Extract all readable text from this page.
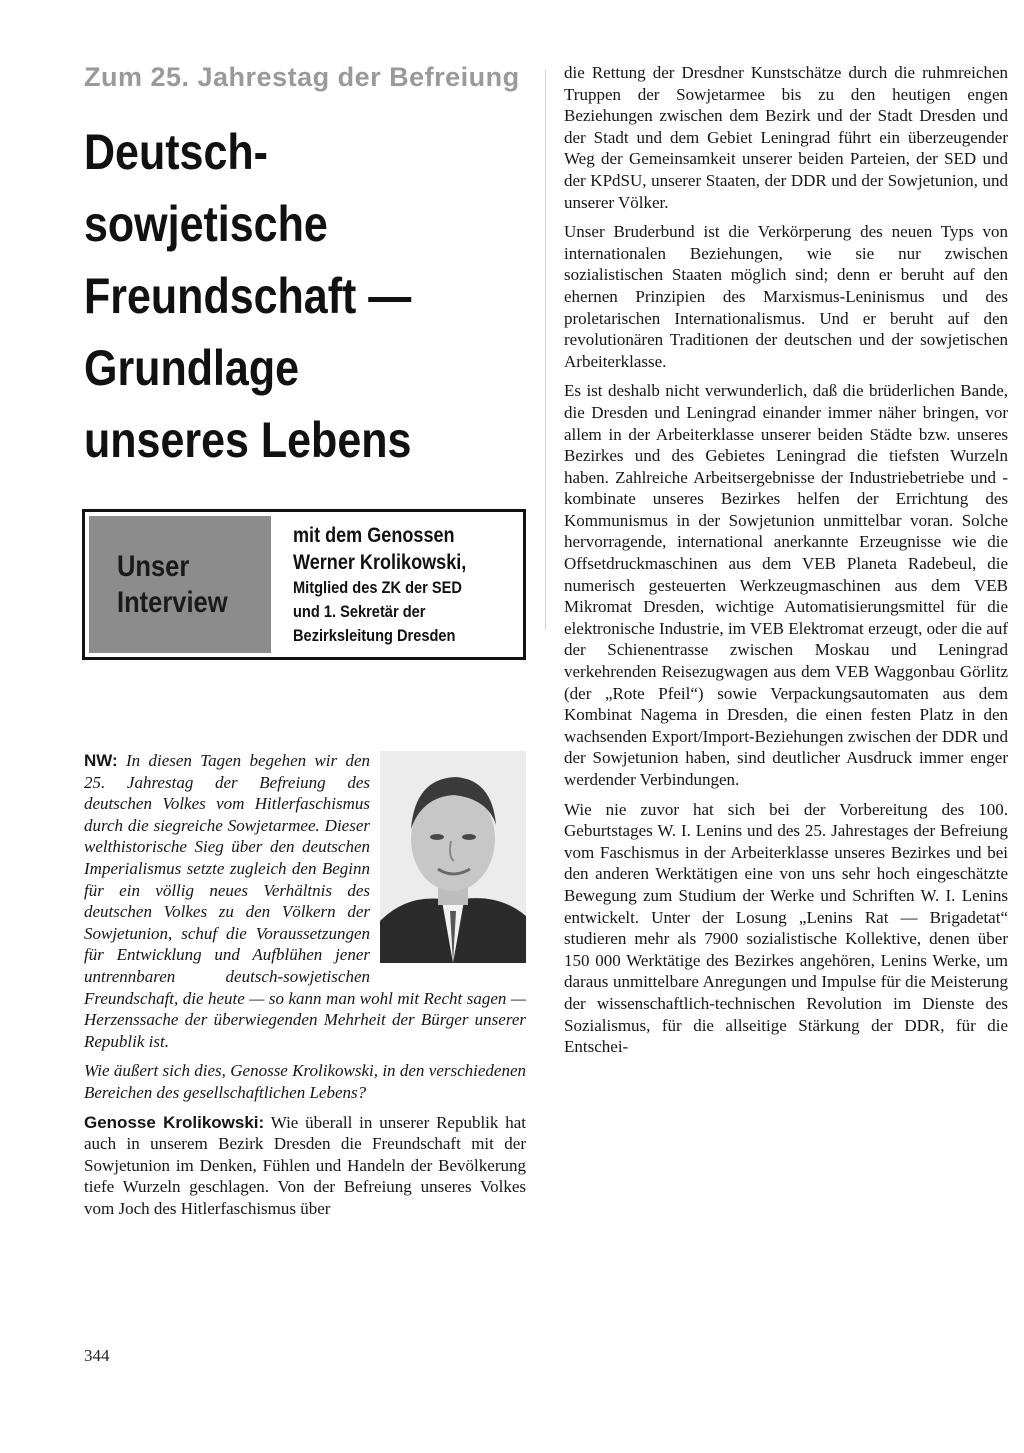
Zum 25. Jahrestag der Befreiung
Deutsch-
sowjetische
Freundschaft —
Grundlage
unseres Lebens
Unser
Interview
mit dem Genossen
Werner Krolikowski,
Mitglied des ZK der SED
und 1. Sekretär der
Bezirksleitung Dresden

NW: In diesen Tagen begehen wir den 25. Jahrestag der Befreiung des deutschen Volkes vom Hitlerfaschismus durch die siegreiche Sowjetarmee. Dieser welthistorische Sieg über den deutschen Imperialismus setzte zugleich den Beginn für ein völlig neues Verhältnis des deutschen Volkes zu den Völkern der Sowjetunion, schuf die Voraussetzungen für Entwicklung und Aufblühen jener untrennbaren deutsch-sowjetischen Freundschaft, die heute — so kann man wohl mit Recht sagen — Herzenssache der überwiegenden Mehrheit der Bürger unserer Republik ist.

Wie äußert sich dies, Genosse Krolikowski, in den verschiedenen Bereichen des gesellschaftlichen Lebens?

Genosse Krolikowski: Wie überall in unserer Republik hat auch in unserem Bezirk Dresden die Freundschaft mit der Sowjetunion im Denken, Fühlen und Handeln der Bevölkerung tiefe Wurzeln geschlagen. Von der Befreiung unseres Volkes vom Joch des Hitlerfaschismus über

die Rettung der Dresdner Kunstschätze durch die ruhmreichen Truppen der Sowjetarmee bis zu den heutigen engen Beziehungen zwischen dem Bezirk und der Stadt Dresden und der Stadt und dem Gebiet Leningrad führt ein überzeugender Weg der Gemeinsamkeit unserer beiden Parteien, der SED und der KPdSU, unserer Staaten, der DDR und der Sowjetunion, und unserer Völker.

Unser Bruderbund ist die Verkörperung des neuen Typs von internationalen Beziehungen, wie sie nur zwischen sozialistischen Staaten möglich sind; denn er beruht auf den ehernen Prinzipien des Marxismus-Leninismus und des proletarischen Internationalismus. Und er beruht auf den revolutionären Traditionen der deutschen und der sowjetischen Arbeiterklasse.

Es ist deshalb nicht verwunderlich, daß die brüderlichen Bande, die Dresden und Leningrad einander immer näher bringen, vor allem in der Arbeiterklasse unserer beiden Städte bzw. unseres Bezirkes und des Gebietes Leningrad die tiefsten Wurzeln haben. Zahlreiche Arbeitsergebnisse der Industriebetriebe und -kombinate unseres Bezirkes helfen der Errichtung des Kommunismus in der Sowjetunion unmittelbar voran. Solche hervorragende, international anerkannte Erzeugnisse wie die Offsetdruckmaschinen aus dem VEB Planeta Radebeul, die numerisch gesteuerten Werkzeugmaschinen aus dem VEB Mikromat Dresden, wichtige Automatisierungsmittel für die elektronische Industrie, im VEB Elektromat erzeugt, oder die auf der Schienentrasse zwischen Moskau und Leningrad verkehrenden Reisezugwagen aus dem VEB Waggonbau Görlitz (der „Rote Pfeil“) sowie Verpackungsautomaten aus dem Kombinat Nagema in Dresden, die einen festen Platz in den wachsenden Export/Import-Beziehungen zwischen der DDR und der Sowjetunion haben, sind deutlicher Ausdruck immer enger werdender Verbindungen.

Wie nie zuvor hat sich bei der Vorbereitung des 100. Geburtstages W. I. Lenins und des 25. Jahrestages der Befreiung vom Faschismus in der Arbeiterklasse unseres Bezirkes und bei den anderen Werktätigen eine von uns sehr hoch eingeschätzte Bewegung zum Studium der Werke und Schriften W. I. Lenins entwickelt. Unter der Losung „Lenins Rat — Brigadetat“ studieren mehr als 7900 sozialistische Kollektive, denen über 150 000 Werktätige des Bezirkes angehören, Lenins Werke, um daraus unmittelbare Anregungen und Impulse für die Meisterung der wissenschaftlich-technischen Revolution im Dienste des Sozialismus, für die allseitige Stärkung der DDR, für die Entschei-

344
